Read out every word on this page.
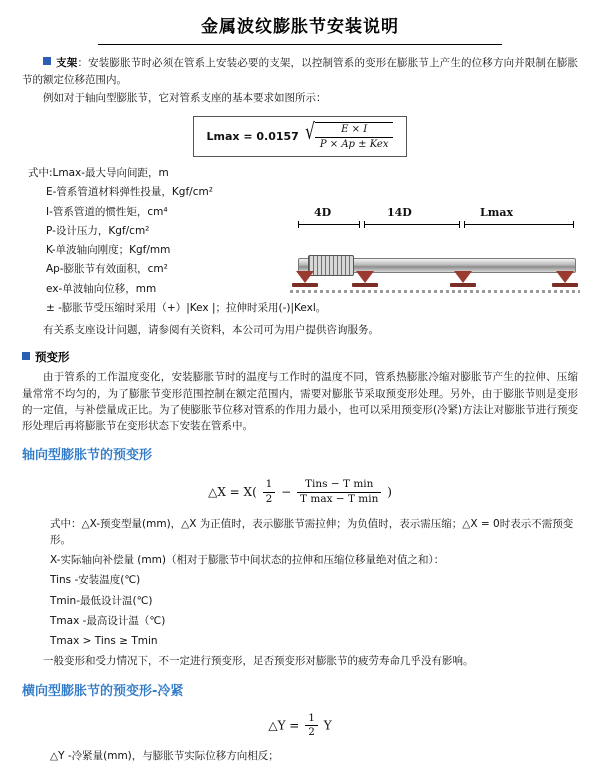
金属波纹膨胀节安装说明

支架：安装膨胀节时必须在管系上安装必要的支架，以控制管系的变形在膨胀节上产生的位移方向并限制在膨胀节的额定位移范围内。

例如对于轴向型膨胀节，它对管系支座的基本要求如图所示：

Lmax = 0.0157 √ $\frac{E \times I}{\text{P × Ap ± Kex}}$
式中:Lmax-最大导向间距，m
E-管系管道材料弹性投量，Kgf/cm²
I-管系管道的惯性矩，cm⁴
P-设计压力，Kgf/cm²
K-单波轴向刚度；Kgf/mm
Ap-膨胀节有效面积，cm²
ex-单波轴向位移，mm
± -膨胀节受压缩时采用（+）|Kex |；拉伸时采用(-)|Kexl。

有关系支座设计问题，请参阅有关资料，本公司可为用户提供咨询服务。

预变形

由于管系的工作温度变化，安装膨胀节时的温度与工作时的温度不同，管系热膨胀冷缩对膨胀节产生的拉伸、压缩量常常不均匀的，为了膨胀节变形范围控制在额定范围内，需要对膨胀节采取预变形处理。另外，由于膨胀节则是变形的一定值，与补偿量成正比。为了使膨胀节位移对管系的作用力最小，也可以采用预变形(冷紧)方法让对膨胀节进行预变形处理后再将膨胀节在变形状态下安装在管系中。

轴向型膨胀节的预变形
△X = $X( \frac{1}{2} - \frac{\text{Tins − T min}}{\text{T max − T min}}$ )
式中：△X-预变型量(mm)，△X 为正值时，表示膨胀节需拉伸；为负值时，表示需压缩；△X = 0时表示不需预变形。
X-实际轴向补偿量 (mm)（相对于膨胀节中间状态的拉伸和压缩位移量绝对值之和）：
Tins -安装温度(℃)
Tmin-最低设计温(℃)
Tmax -最高设计温（℃)
Tmax > Tins ≥ Tmin

一般变形和受力情况下，不一定进行预变形，足否预变形对膨胀节的疲劳寿命几乎没有影响。

横向型膨胀节的预变形-冷紧
△Y = $\frac{1}{2}$ Y

△Y -冷紧量(mm)，与膨胀节实际位移方向相反；

4D	14D	Lmax
